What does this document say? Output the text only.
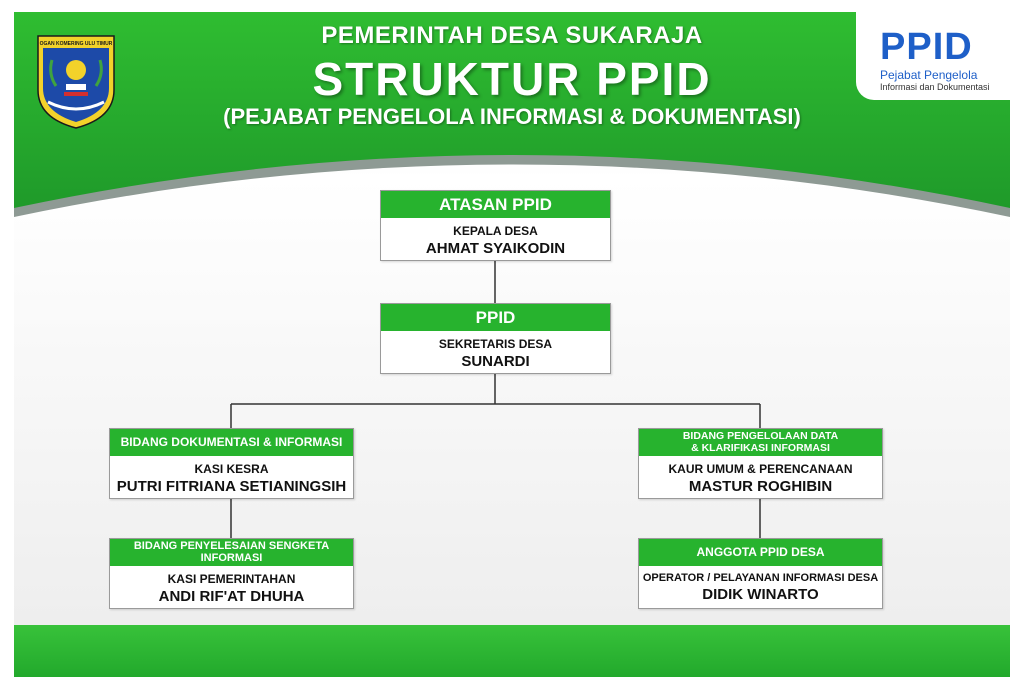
PEMERINTAH DESA SUKARAJA
STRUKTUR PPID
(PEJABAT PENGELOLA INFORMASI & DOKUMENTASI)
OGAN KOMERING ULU TIMUR	PPID
Pejabat Pengelola
Informasi dan Dokumentasi
ATASAN PPID
KEPALA DESA
AHMAT SYAIKODIN
PPID
SEKRETARIS DESA
SUNARDI
BIDANG DOKUMENTASI & INFORMASI
KASI KESRA
PUTRI FITRIANA SETIANINGSIH
BIDANG PENGELOLAAN DATA
& KLARIFIKASI INFORMASI
KAUR UMUM & PERENCANAAN
MASTUR ROGHIBIN
BIDANG PENYELESAIAN SENGKETA INFORMASI
KASI PEMERINTAHAN
ANDI RIF'AT DHUHA
ANGGOTA PPID DESA
OPERATOR / PELAYANAN INFORMASI DESA
DIDIK WINARTO
